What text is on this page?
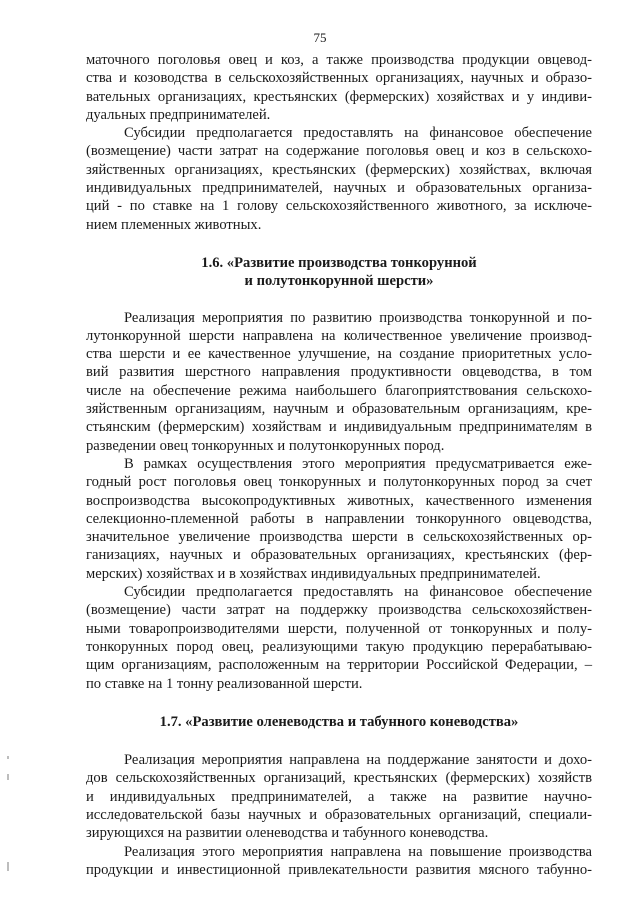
75
маточного поголовья овец и коз, а также производства продукции овцевод-
ства и козоводства в сельскохозяйственных организациях, научных и образо-
вательных организациях, крестьянских (фермерских) хозяйствах и у индиви-
дуальных предпринимателей.
Субсидии предполагается предоставлять на финансовое обеспечение
(возмещение) части затрат на содержание поголовья овец и коз в сельскохо-
зяйственных организациях, крестьянских (фермерских) хозяйствах, включая
индивидуальных предпринимателей, научных и образовательных организа-
ций - по ставке на 1 голову сельскохозяйственного животного, за исключе-
нием племенных животных.
1.6. «Развитие производства тонкорунной
и полутонкорунной шерсти»
Реализация мероприятия по развитию производства тонкорунной и по-
лутонкорунной шерсти направлена на количественное увеличение производ-
ства шерсти и ее качественное улучшение, на создание приоритетных усло-
вий развития шерстного направления продуктивности овцеводства, в том
числе на обеспечение режима наибольшего благоприятствования сельскохо-
зяйственным организациям, научным и образовательным организациям, кре-
стьянским (фермерским) хозяйствам и индивидуальным предпринимателям в
разведении овец тонкорунных и полутонкорунных пород.
В рамках осуществления этого мероприятия предусматривается еже-
годный рост поголовья овец тонкорунных и полутонкорунных пород за счет
воспроизводства высокопродуктивных животных, качественного изменения
селекционно-племенной работы в направлении тонкорунного овцеводства,
значительное увеличение производства шерсти в сельскохозяйственных ор-
ганизациях, научных и образовательных организациях, крестьянских (фер-
мерских) хозяйствах и в хозяйствах индивидуальных предпринимателей.
Субсидии предполагается предоставлять на финансовое обеспечение
(возмещение) части затрат на поддержку производства сельскохозяйствен-
ными товаропроизводителями шерсти, полученной от тонкорунных и полу-
тонкорунных пород овец, реализующими такую продукцию перерабатываю-
щим организациям, расположенным на территории Российской Федерации, –
по ставке на 1 тонну реализованной шерсти.
1.7. «Развитие оленеводства и табунного коневодства»
Реализация мероприятия направлена на поддержание занятости и дохо-
дов сельскохозяйственных организаций, крестьянских (фермерских) хозяйств
и индивидуальных предпринимателей, а также на развитие научно-
исследовательской базы научных и образовательных организаций, специали-
зирующихся на развитии оленеводства и табунного коневодства.
Реализация этого мероприятия направлена на повышение производства
продукции и инвестиционной привлекательности развития мясного табунно-
